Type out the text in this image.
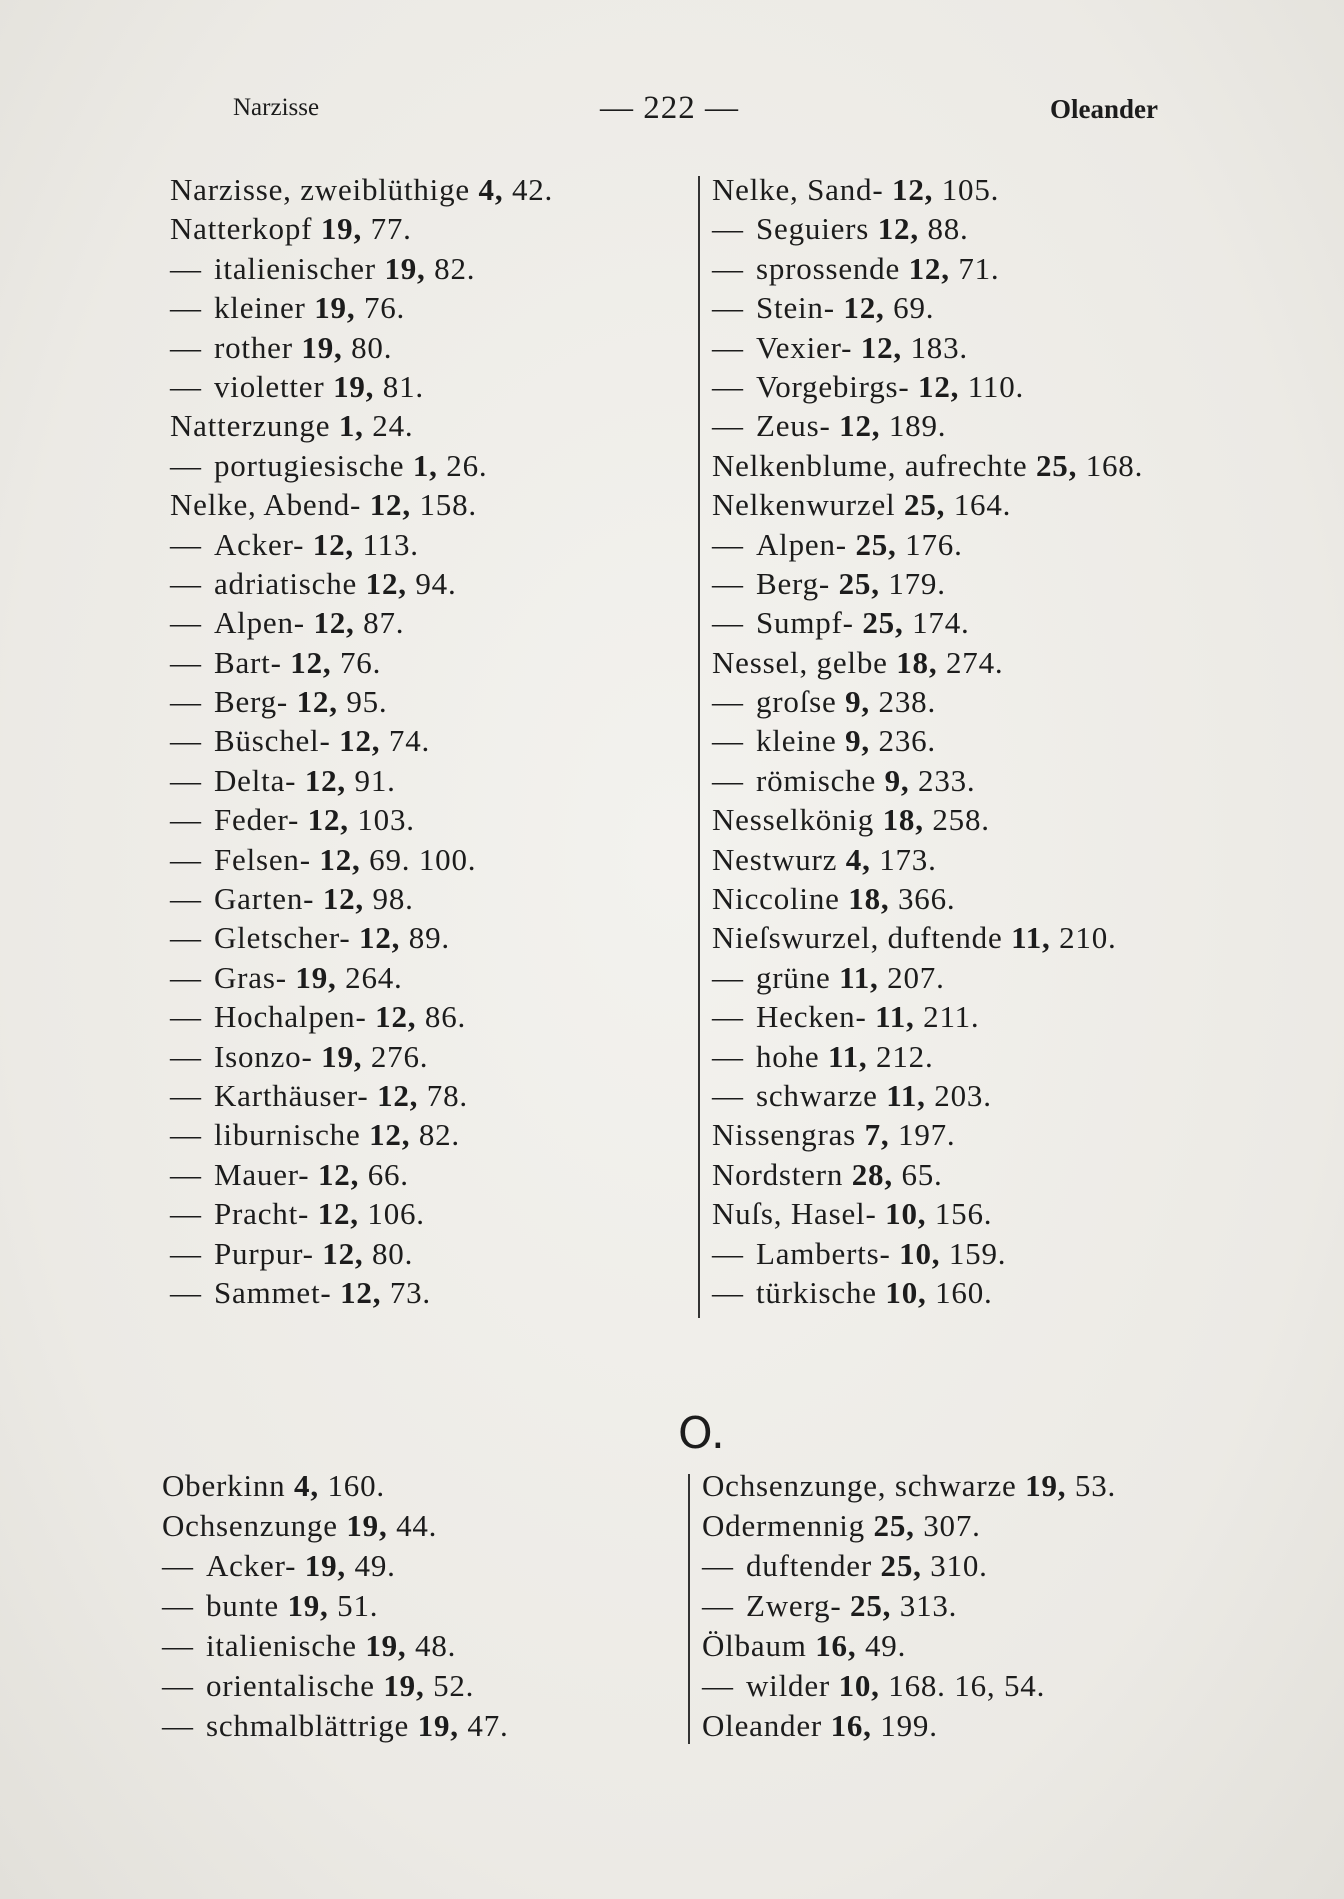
Narzisse	— 222 —	Oleander
Narzisse, zweiblüthige 4, 42.
Natterkopf 19, 77.
— italienischer 19, 82.
— kleiner 19, 76.
— rother 19, 80.
— violetter 19, 81.
Natterzunge 1, 24.
— portugiesische 1, 26.
Nelke, Abend- 12, 158.
— Acker- 12, 113.
— adriatische 12, 94.
— Alpen- 12, 87.
— Bart- 12, 76.
— Berg- 12, 95.
— Büschel- 12, 74.
— Delta- 12, 91.
— Feder- 12, 103.
— Felsen- 12, 69. 100.
— Garten- 12, 98.
— Gletscher- 12, 89.
— Gras- 19, 264.
— Hochalpen- 12, 86.
— Isonzo- 19, 276.
— Karthäuser- 12, 78.
— liburnische 12, 82.
— Mauer- 12, 66.
— Pracht- 12, 106.
— Purpur- 12, 80.
— Sammet- 12, 73.
Nelke, Sand- 12, 105.
— Seguiers 12, 88.
— sprossende 12, 71.
— Stein- 12, 69.
— Vexier- 12, 183.
— Vorgebirgs- 12, 110.
— Zeus- 12, 189.
Nelkenblume, aufrechte 25, 168.
Nelkenwurzel 25, 164.
— Alpen- 25, 176.
— Berg- 25, 179.
— Sumpf- 25, 174.
Nessel, gelbe 18, 274.
— groſse 9, 238.
— kleine 9, 236.
— römische 9, 233.
Nesselkönig 18, 258.
Nestwurz 4, 173.
Niccoline 18, 366.
Nieſswurzel, duftende 11, 210.
— grüne 11, 207.
— Hecken- 11, 211.
— hohe 11, 212.
— schwarze 11, 203.
Nissengras 7, 197.
Nordstern 28, 65.
Nuſs, Hasel- 10, 156.
— Lamberts- 10, 159.
— türkische 10, 160.
O.
Oberkinn 4, 160.
Ochsenzunge 19, 44.
— Acker- 19, 49.
— bunte 19, 51.
— italienische 19, 48.
— orientalische 19, 52.
— schmalblättrige 19, 47.
Ochsenzunge, schwarze 19, 53.
Odermennig 25, 307.
— duftender 25, 310.
— Zwerg- 25, 313.
Ölbaum 16, 49.
— wilder 10, 168. 16, 54.
Oleander 16, 199.
